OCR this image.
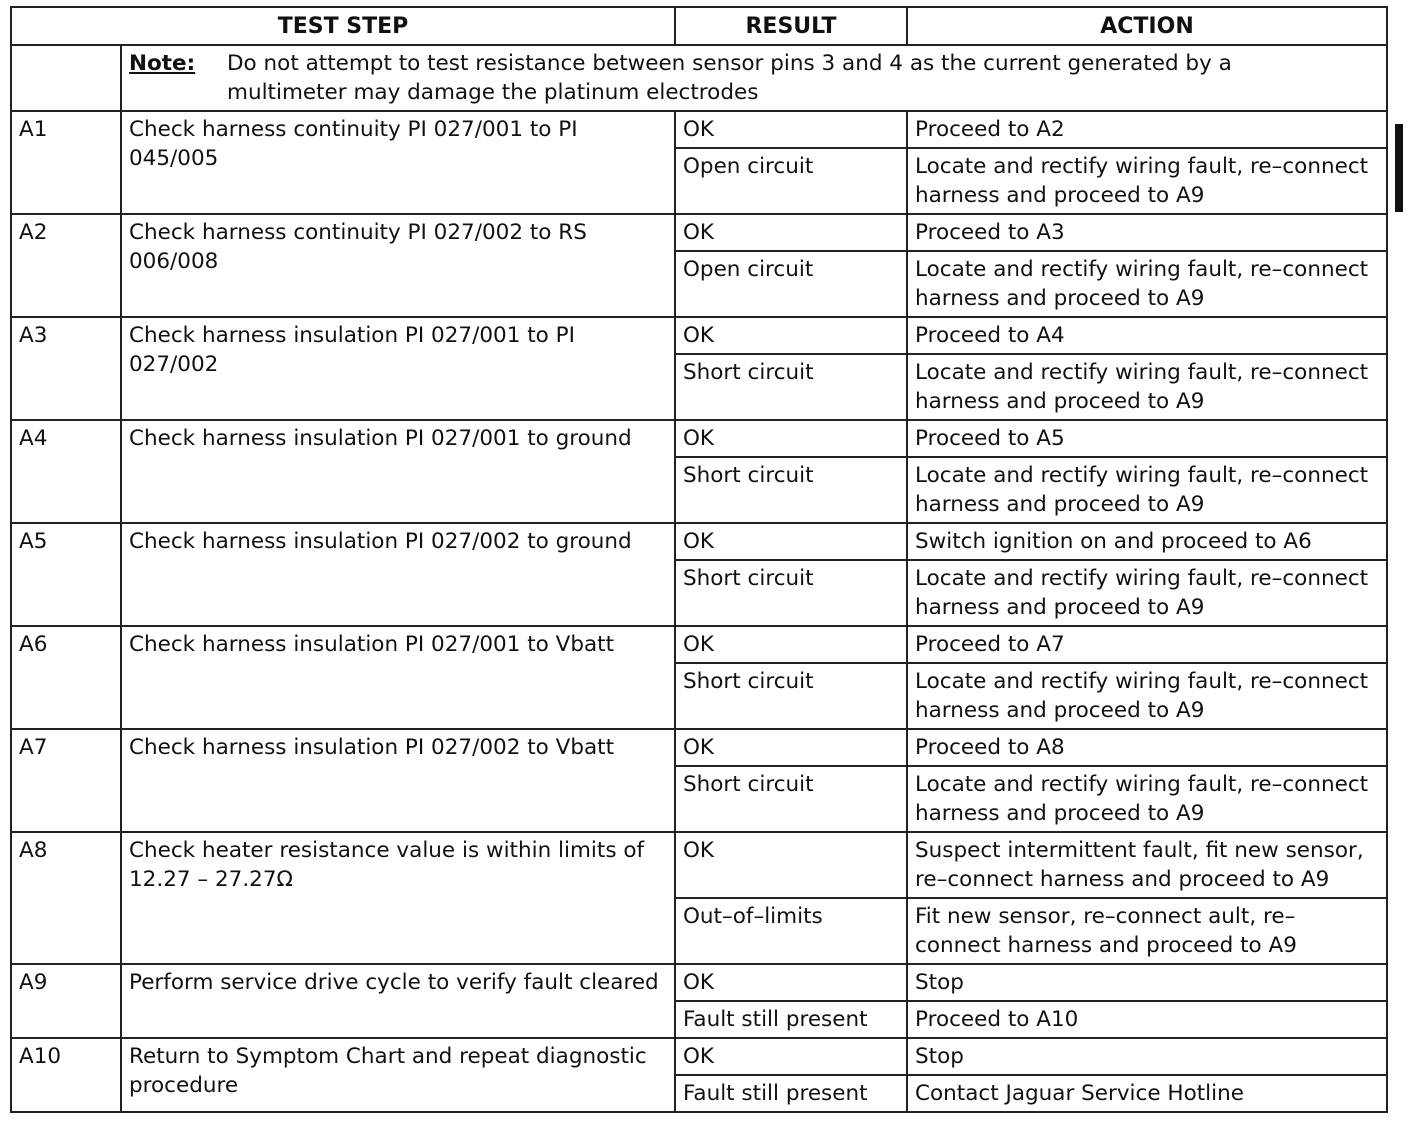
TEST STEP		RESULT	ACTION
	Note: Do not attempt to test resistance between sensor pins 3 and 4 as the current generated by a multimeter may damage the platinum electrodes		
A1	Check harness continuity PI 027/001 to PI 045/005	OK	Proceed to A2
		Open circuit	Locate and rectify wiring fault, re–connect harness and proceed to A9
A2	Check harness continuity PI 027/002 to RS 006/008	OK	Proceed to A3
		Open circuit	Locate and rectify wiring fault, re–connect harness and proceed to A9
A3	Check harness insulation PI 027/001 to PI 027/002	OK	Proceed to A4
		Short circuit	Locate and rectify wiring fault, re–connect harness and proceed to A9
A4	Check harness insulation PI 027/001 to ground	OK	Proceed to A5
		Short circuit	Locate and rectify wiring fault, re–connect harness and proceed to A9
A5	Check harness insulation PI 027/002 to ground	OK	Switch ignition on and proceed to A6
		Short circuit	Locate and rectify wiring fault, re–connect harness and proceed to A9
A6	Check harness insulation PI 027/001 to Vbatt	OK	Proceed to A7
		Short circuit	Locate and rectify wiring fault, re–connect harness and proceed to A9
A7	Check harness insulation PI 027/002 to Vbatt	OK	Proceed to A8
		Short circuit	Locate and rectify wiring fault, re–connect harness and proceed to A9
A8	Check heater resistance value is within limits of 12.27 – 27.27Ω	OK	Suspect intermittent fault, fit new sensor, re–connect harness and proceed to A9
		Out–of–limits	Fit new sensor, re–connect ault, re–connect harness and proceed to A9
A9	Perform service drive cycle to verify fault cleared	OK	Stop
		Fault still present	Proceed to A10
A10	Return to Symptom Chart and repeat diagnostic procedure	OK	Stop
		Fault still present	Contact Jaguar Service Hotline
